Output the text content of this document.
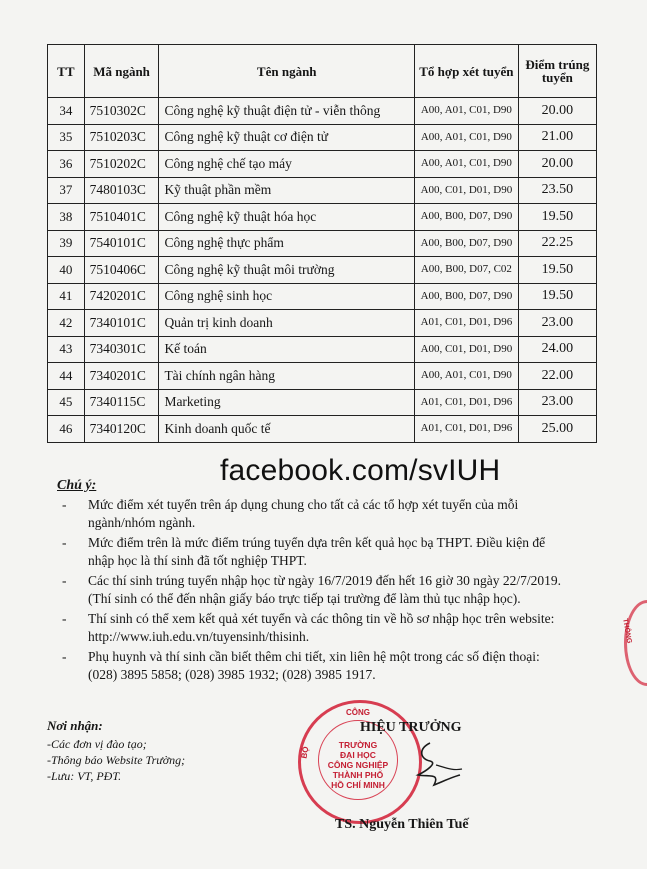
TT	Mã ngành	Tên ngành	Tổ hợp xét tuyển	Điểm trúng tuyển
34	7510302C	Công nghệ kỹ thuật điện tử - viễn thông	A00, A01, C01, D90	20.00
35	7510203C	Công nghệ kỹ thuật cơ điện tử	A00, A01, C01, D90	21.00
36	7510202C	Công nghệ chế tạo máy	A00, A01, C01, D90	20.00
37	7480103C	Kỹ thuật phần mềm	A00, C01, D01, D90	23.50
38	7510401C	Công nghệ kỹ thuật hóa học	A00, B00, D07, D90	19.50
39	7540101C	Công nghệ thực phẩm	A00, B00, D07, D90	22.25
40	7510406C	Công nghệ kỹ thuật môi trường	A00, B00, D07, C02	19.50
41	7420201C	Công nghệ sinh học	A00, B00, D07, D90	19.50
42	7340101C	Quản trị kinh doanh	A01, C01, D01, D96	23.00
43	7340301C	Kế toán	A00, C01, D01, D90	24.00
44	7340201C	Tài chính ngân hàng	A00, A01, C01, D90	22.00
45	7340115C	Marketing	A01, C01, D01, D96	23.00
46	7340120C	Kinh doanh quốc tế	A01, C01, D01, D96	25.00
facebook.com/svIUH
Chú ý:
- Mức điểm xét tuyển trên áp dụng chung cho tất cả các tổ hợp xét tuyển của mỗi
ngành/nhóm ngành.
- Mức điểm trên là mức điểm trúng tuyển dựa trên kết quả học bạ THPT. Điều kiện để
nhập học là thí sinh đã tốt nghiệp THPT.
- Các thí sinh trúng tuyển nhập học từ ngày 16/7/2019 đến hết 16 giờ 30 ngày 22/7/2019.
(Thí sinh có thể đến nhận giấy báo trực tiếp tại trường để làm thủ tục nhập học).
- Thí sinh có thể xem kết quả xét tuyển và các thông tin về hồ sơ nhập học trên website:
http://www.iuh.edu.vn/tuyensinh/thisinh.
- Phụ huynh và thí sinh cần biết thêm chi tiết, xin liên hệ một trong các số điện thoại:
(028) 3895 5858; (028) 3985 1932; (028) 3985 1917.
Nơi nhận:
-Các đơn vị đào tạo;
-Thông báo Website Trường;
-Lưu: VT, PĐT.
CÔNG
BỘ
TRƯỜNG
ĐẠI HỌC
CÔNG NGHIỆP
THÀNH PHỐ
HỒ CHÍ MINH
HIỆU TRƯỞNG
TS. Nguyễn Thiên Tuế
THÔNG
